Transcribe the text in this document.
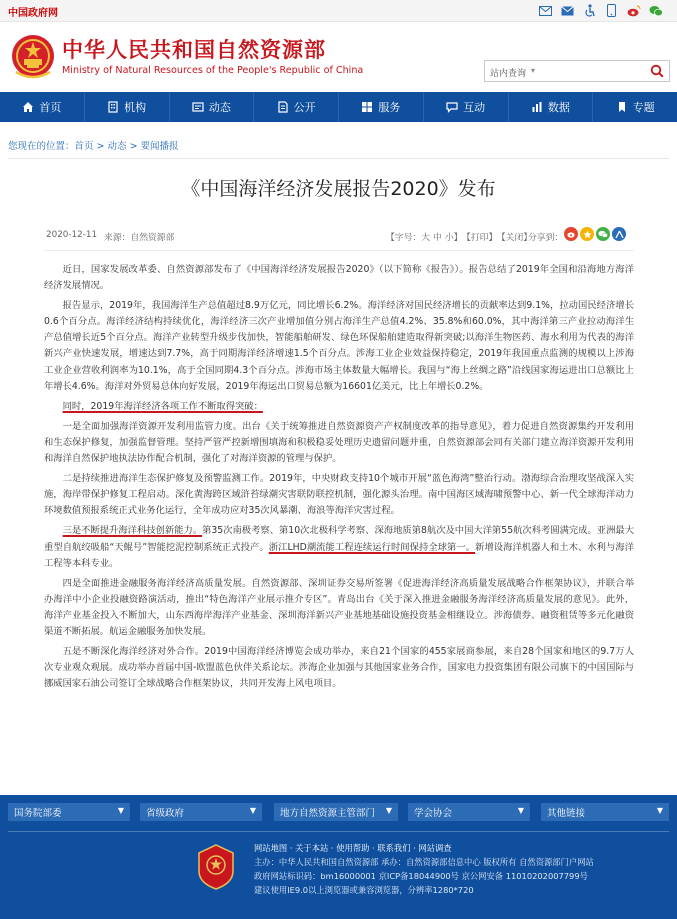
中国政府网
中华人民共和国自然资源部
Ministry of Natural Resources of the People's Republic of China	站内查询 ▾
首页	机构	动态	公开	服务	互动	数据	专题
您现在的位置：首页 > 动态 > 要闻播报
《中国海洋经济发展报告2020》发布
2020-12-11 来源：自然资源部	【字号：大 中 小】 【打印】 【关闭】
分享到：

近日，国家发展改革委、自然资源部发布了《中国海洋经济发展报告2020》（以下简称《报告》）。报告总结了2019年全国和沿海地方海洋经济发展情况。

报告显示，2019年，我国海洋生产总值超过8.9万亿元，同比增长6.2%。海洋经济对国民经济增长的贡献率达到9.1%，拉动国民经济增长0.6个百分点。海洋经济结构持续优化，海洋经济三次产业增加值分别占海洋生产总值4.2%、35.8%和60.0%，其中海洋第三产业拉动海洋生产总值增长近5个百分点。海洋产业转型升级步伐加快，智能船舶研发、绿色环保船舶建造取得新突破;以海洋生物医药、海水利用为代表的海洋新兴产业快速发展，增速达到7.7%，高于同期海洋经济增速1.5个百分点。涉海工业企业效益保持稳定，2019年我国重点监测的规模以上涉海工业企业营收利润率为10.1%，高于全国同期4.3个百分点。涉海市场主体数量大幅增长。我国与“海上丝绸之路”沿线国家海运进出口总额比上年增长4.6%。海洋对外贸易总体向好发展，2019年海运出口贸易总额为16601亿美元，比上年增长0.2%。

同时，2019年海洋经济各项工作不断取得突破：

一是全面加强海洋资源开发利用监管力度。出台《关于统筹推进自然资源资产产权制度改革的指导意见》，着力促进自然资源集约开发利用和生态保护修复，加强监督管理。坚持严管严控新增围填海和积极稳妥处理历史遗留问题并重，自然资源部会同有关部门建立海洋资源开发利用和海洋自然保护地执法协作配合机制，强化了对海洋资源的管理与保护。

二是持续推进海洋生态保护修复及预警监测工作。2019年，中央财政支持10个城市开展“蓝色海湾”整治行动。渤海综合治理攻坚战深入实施，海岸带保护修复工程启动。深化黄海跨区域浒苔绿潮灾害联防联控机制，强化源头治理。南中国海区域海啸预警中心、新一代全球海洋动力环境数值预报系统正式业务化运行，全年成功应对35次风暴潮、海浪等海洋灾害过程。

三是不断提升海洋科技创新能力。第35次南极考察、第10次北极科学考察、深海地质第8航次及中国大洋第55航次科考圆满完成。亚洲最大重型自航绞吸船“天鲲号”智能挖泥控制系统正式投产。浙江LHD潮流能工程连续运行时间保持全球第一。新增设海洋机器人和土木、水利与海洋工程等本科专业。

四是全面推进金融服务海洋经济高质量发展。自然资源部、深圳证券交易所签署《促进海洋经济高质量发展战略合作框架协议》，并联合举办海洋中小企业投融资路演活动，推出“特色海洋产业展示推介专区”。青岛出台《关于深入推进金融服务海洋经济高质量发展的意见》。此外，海洋产业基金投入不断加大，山东西海岸海洋产业基金、深圳海洋新兴产业基地基础设施投资基金相继设立。涉海债券、融资租赁等多元化融资渠道不断拓展。航运金融服务加快发展。

五是不断深化海洋经济对外合作。2019中国海洋经济博览会成功举办，来自21个国家的455家展商参展，来自28个国家和地区的9.7万人次专业观众观展。成功举办首届中国-欧盟蓝色伙伴关系论坛。涉海企业加强与其他国家业务合作，国家电力投资集团有限公司旗下的中国国际与挪威国家石油公司签订全球战略合作框架协议，共同开发海上风电项目。

国务院部委	▼ 省级政府	▼	地方自然资源主管部门 ▼ 学会协会	▼ 其他链接	▼
网站地图 · 关于本站 · 使用帮助 · 联系我们 · 网站调查
主办：中华人民共和国自然资源部 承办：自然资源部信息中心 版权所有 自然资源部门户网站
政府网站标识码：bm16000001 京ICP备18044900号 京公网安备 11010202007799号
建议使用IE9.0以上浏览器或兼容浏览器，分辨率1280*720
